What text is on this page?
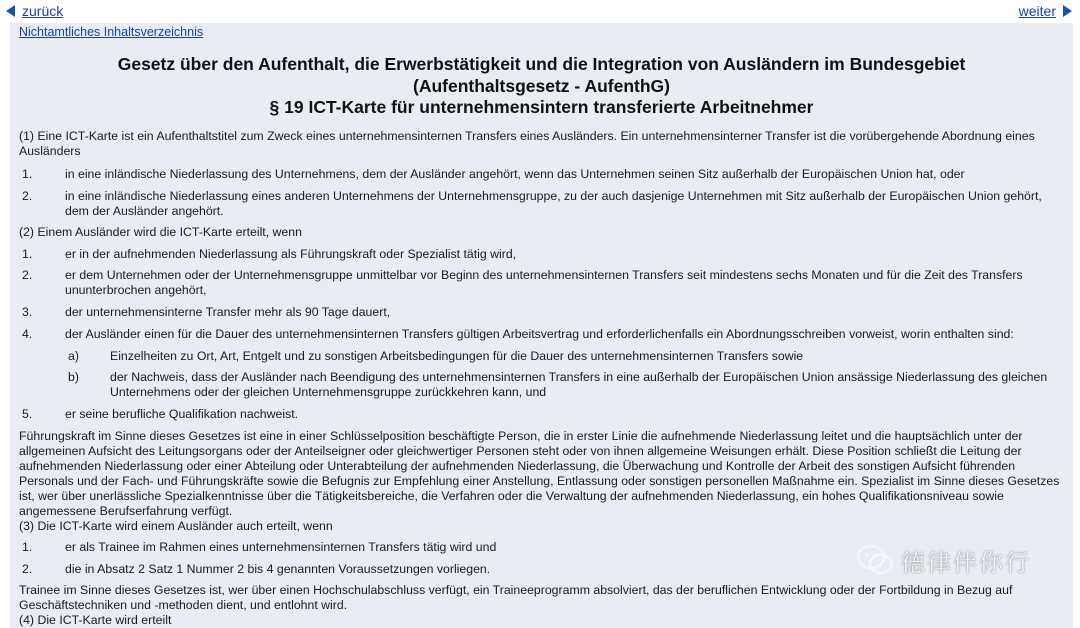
zurück	weiter
Nichtamtliches Inhaltsverzeichnis
Gesetz über den Aufenthalt, die Erwerbstätigkeit und die Integration von Ausländern im Bundesgebiet
(Aufenthaltsgesetz - AufenthG)
§ 19 ICT-Karte für unternehmensintern transferierte Arbeitnehmer
(1) Eine ICT-Karte ist ein Aufenthaltstitel zum Zweck eines unternehmensinternen Transfers eines Ausländers. Ein unternehmensinterner Transfer ist die vorübergehende Abordnung eines Ausländers
1.	in eine inländische Niederlassung des Unternehmens, dem der Ausländer angehört, wenn das Unternehmen seinen Sitz außerhalb der Europäischen Union hat, oder
2.	in eine inländische Niederlassung eines anderen Unternehmens der Unternehmensgruppe, zu der auch dasjenige Unternehmen mit Sitz außerhalb der Europäischen Union gehört, dem der Ausländer angehört.
(2) Einem Ausländer wird die ICT-Karte erteilt, wenn
1.	er in der aufnehmenden Niederlassung als Führungskraft oder Spezialist tätig wird,
2.	er dem Unternehmen oder der Unternehmensgruppe unmittelbar vor Beginn des unternehmensinternen Transfers seit mindestens sechs Monaten und für die Zeit des Transfers ununterbrochen angehört,
3.	der unternehmensinterne Transfer mehr als 90 Tage dauert,
4.	der Ausländer einen für die Dauer des unternehmensinternen Transfers gültigen Arbeitsvertrag und erforderlichenfalls ein Abordnungsschreiben vorweist, worin enthalten sind:
a)	Einzelheiten zu Ort, Art, Entgelt und zu sonstigen Arbeitsbedingungen für die Dauer des unternehmensinternen Transfers sowie
b)	der Nachweis, dass der Ausländer nach Beendigung des unternehmensinternen Transfers in eine außerhalb der Europäischen Union ansässige Niederlassung des gleichen Unternehmens oder der gleichen Unternehmensgruppe zurückkehren kann, und
5.	er seine berufliche Qualifikation nachweist.
Führungskraft im Sinne dieses Gesetzes ist eine in einer Schlüsselposition beschäftigte Person, die in erster Linie die aufnehmende Niederlassung leitet und die hauptsächlich unter der allgemeinen Aufsicht des Leitungsorgans oder der Anteilseigner oder gleichwertiger Personen steht oder von ihnen allgemeine Weisungen erhält. Diese Position schließt die Leitung der aufnehmenden Niederlassung oder einer Abteilung oder Unterabteilung der aufnehmenden Niederlassung, die Überwachung und Kontrolle der Arbeit des sonstigen Aufsicht führenden Personals und der Fach- und Führungskräfte sowie die Befugnis zur Empfehlung einer Anstellung, Entlassung oder sonstigen personellen Maßnahme ein. Spezialist im Sinne dieses Gesetzes ist, wer über unerlässliche Spezialkenntnisse über die Tätigkeitsbereiche, die Verfahren oder die Verwaltung der aufnehmenden Niederlassung, ein hohes Qualifikationsniveau sowie angemessene Berufserfahrung verfügt.
(3) Die ICT-Karte wird einem Ausländer auch erteilt, wenn
1.	er als Trainee im Rahmen eines unternehmensinternen Transfers tätig wird und
2.	die in Absatz 2 Satz 1 Nummer 2 bis 4 genannten Voraussetzungen vorliegen.
Trainee im Sinne dieses Gesetzes ist, wer über einen Hochschulabschluss verfügt, ein Traineeprogramm absolviert, das der beruflichen Entwicklung oder der Fortbildung in Bezug auf Geschäftstechniken und -methoden dient, und entlohnt wird.
(4) Die ICT-Karte wird erteilt
德律伴你行
